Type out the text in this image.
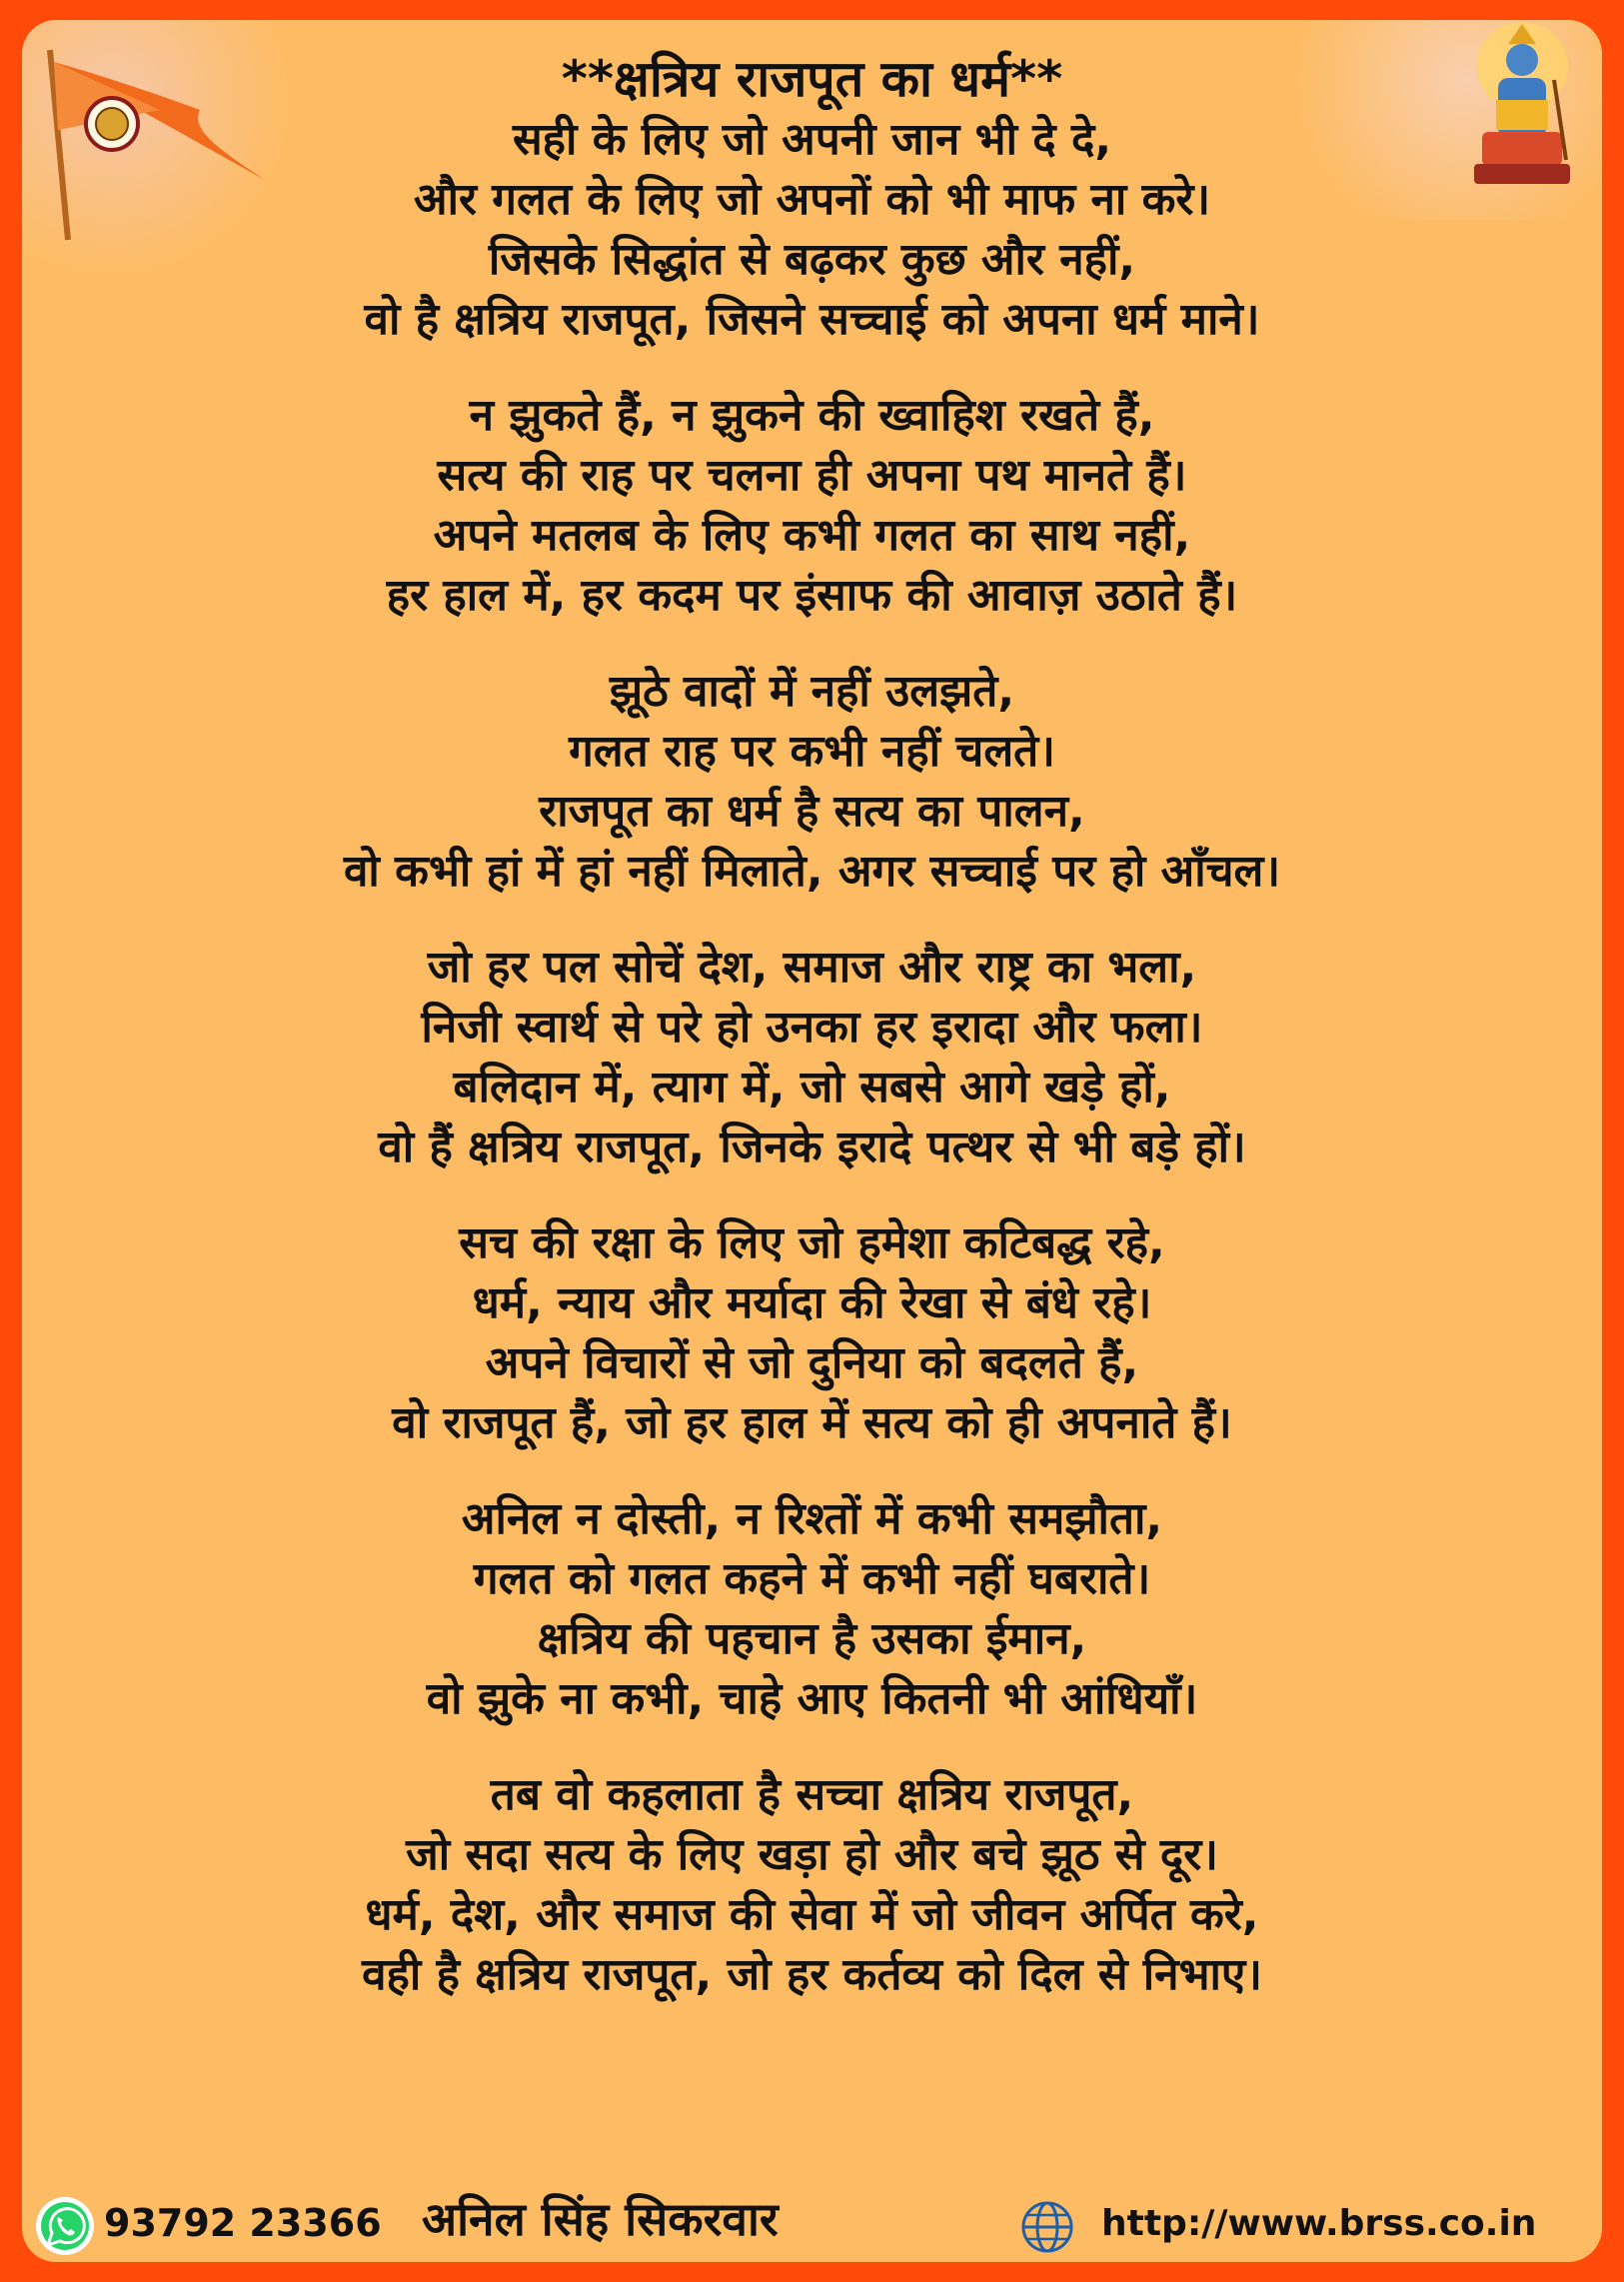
**क्षत्रिय राजपूत का धर्म**
सही के लिए जो अपनी जान भी दे दे,
और गलत के लिए जो अपनों को भी माफ ना करे।
जिसके सिद्धांत से बढ़कर कुछ और नहीं,
वो है क्षत्रिय राजपूत, जिसने सच्चाई को अपना धर्म माने।
न झुकते हैं, न झुकने की ख्वाहिश रखते हैं,
सत्य की राह पर चलना ही अपना पथ मानते हैं।
अपने मतलब के लिए कभी गलत का साथ नहीं,
हर हाल में, हर कदम पर इंसाफ की आवाज़ उठाते हैं।
झूठे वादों में नहीं उलझते,
गलत राह पर कभी नहीं चलते।
राजपूत का धर्म है सत्य का पालन,
वो कभी हां में हां नहीं मिलाते, अगर सच्चाई पर हो आँचल।
जो हर पल सोचें देश, समाज और राष्ट्र का भला,
निजी स्वार्थ से परे हो उनका हर इरादा और फला।
बलिदान में, त्याग में, जो सबसे आगे खड़े हों,
वो हैं क्षत्रिय राजपूत, जिनके इरादे पत्थर से भी बड़े हों।
सच की रक्षा के लिए जो हमेशा कटिबद्ध रहे,
धर्म, न्याय और मर्यादा की रेखा से बंधे रहे।
अपने विचारों से जो दुनिया को बदलते हैं,
वो राजपूत हैं, जो हर हाल में सत्य को ही अपनाते हैं।
अनिल न दोस्ती, न रिश्तों में कभी समझौता,
गलत को गलत कहने में कभी नहीं घबराते।
क्षत्रिय की पहचान है उसका ईमान,
वो झुके ना कभी, चाहे आए कितनी भी आंधियाँ।
तब वो कहलाता है सच्चा क्षत्रिय राजपूत,
जो सदा सत्य के लिए खड़ा हो और बचे झूठ से दूर।
धर्म, देश, और समाज की सेवा में जो जीवन अर्पित करे,
वही है क्षत्रिय राजपूत, जो हर कर्तव्य को दिल से निभाए।
93792 23366 अनिल सिंह सिकरवार	http://www.brss.co.in
